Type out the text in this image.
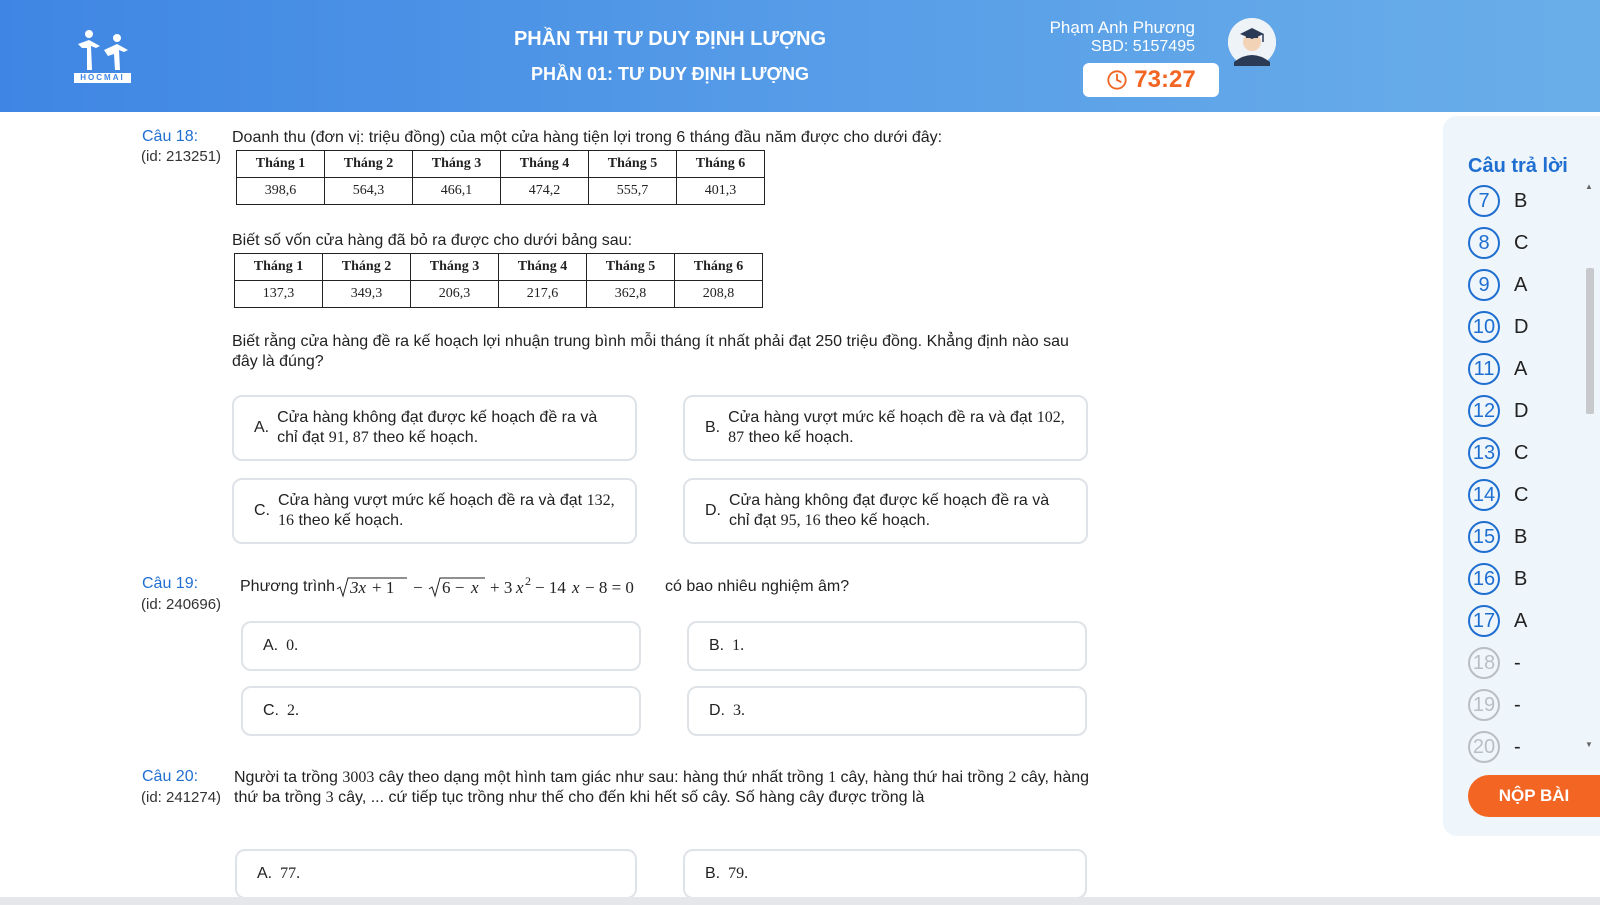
HOCMAI
PHẦN THI TƯ DUY ĐỊNH LƯỢNG
PHẦN 01: TƯ DUY ĐỊNH LƯỢNG
Phạm Anh Phương
SBD: 5157495
73:27
Câu 18:
(id: 213251)
Doanh thu (đơn vị: triệu đồng) của một cửa hàng tiện lợi trong 6 tháng đầu năm được cho dưới đây:
Tháng 1	Tháng 2	Tháng 3	Tháng 4	Tháng 5	Tháng 6
398,6	564,3	466,1	474,2	555,7	401,3
Biết số vốn cửa hàng đã bỏ ra được cho dưới bảng sau:
Tháng 1	Tháng 2	Tháng 3	Tháng 4	Tháng 5	Tháng 6
137,3	349,3	206,3	217,6	362,8	208,8
Biết rằng cửa hàng đề ra kế hoạch lợi nhuận trung bình mỗi tháng ít nhất phải đạt 250 triệu đồng. Khẳng định nào sau đây là đúng?
A.
Cửa hàng không đạt được kế hoạch đề ra và chỉ đạt 91, 87 theo kế hoạch.
B.
Cửa hàng vượt mức kế hoạch đề ra và đạt 102, 87 theo kế hoạch.
C.
Cửa hàng vượt mức kế hoạch đề ra và đạt 132, 16 theo kế hoạch.
D.
Cửa hàng không đạt được kế hoạch đề ra và chỉ đạt 95, 16 theo kế hoạch.
Câu 19:
(id: 240696)
Phương trình 3x + 1 − 6 − x + 3 x 2 − 14 x − 8 = 0 có bao nhiêu nghiệm âm?
A. 0.	B. 1.
C. 2.	D. 3.
Câu 20:
(id: 241274)
Người ta trồng 3003 cây theo dạng một hình tam giác như sau: hàng thứ nhất trồng 1 cây, hàng thứ hai trồng 2 cây, hàng thứ ba trồng 3 cây, ... cứ tiếp tục trồng như thế cho đến khi hết số cây. Số hàng cây được trồng là
A. 77.	B. 79.
Câu trả lời
7	B
8	C
9	A
10 D
11 A
12 D
13 C
14 C
15 B
16 B
17 A
18 -
19 -
20 -
▲
▼
NỘP BÀI
